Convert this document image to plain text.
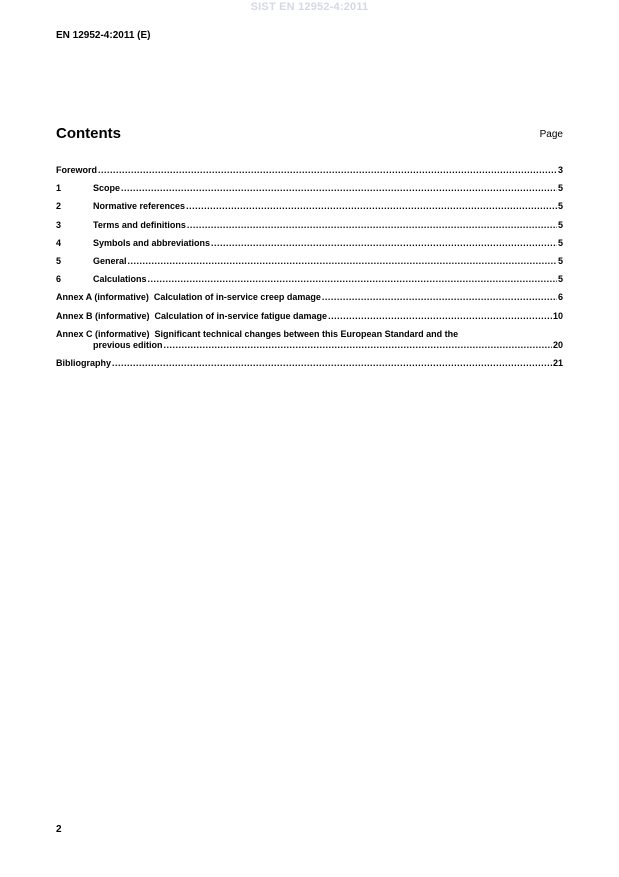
SIST EN 12952-4:2011
EN 12952-4:2011 (E)
Contents	Page
Foreword .....	3
1	Scope .....	5
2	Normative references .....	5
3	Terms and definitions .....	5
4	Symbols and abbreviations .....	5
5	General .....	5
6	Calculations .....	5
Annex A (informative) Calculation of in-service creep damage .....	6
Annex B (informative) Calculation of in-service fatigue damage .....	10
Annex C (informative) Significant technical changes between this European Standard and the
previous edition .....	20
Bibliography .....	21
2
